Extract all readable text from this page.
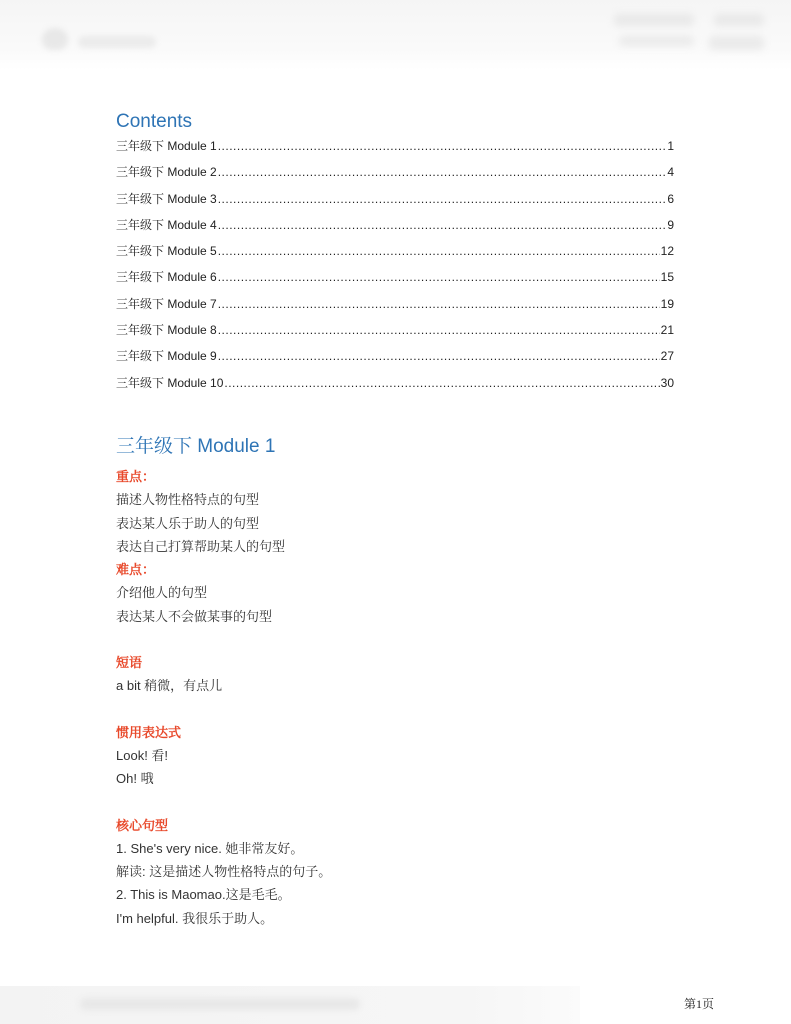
Contents
三年级下 Module 1 .....	1
三年级下 Module 2 .....	4
三年级下 Module 3 .....	6
三年级下 Module 4 .....	9
三年级下 Module 5 .....	12
三年级下 Module 6 .....	15
三年级下 Module 7 .....	19
三年级下 Module 8 .....	21
三年级下 Module 9 .....	27
三年级下 Module 10 .....	30
三年级下 Module 1

重点：

描述人物性格特点的句型

表达某人乐于助人的句型

表达自己打算帮助某人的句型

难点：

介绍他人的句型

表达某人不会做某事的句型

短语

a bit 稍微，有点儿

惯用表达式

Look! 看!

Oh! 哦

核心句型

1. She's very nice. 她非常友好。

解读: 这是描述人物性格特点的句子。

2. This is Maomao.这是毛毛。

I'm helpful. 我很乐于助人。

第1页
